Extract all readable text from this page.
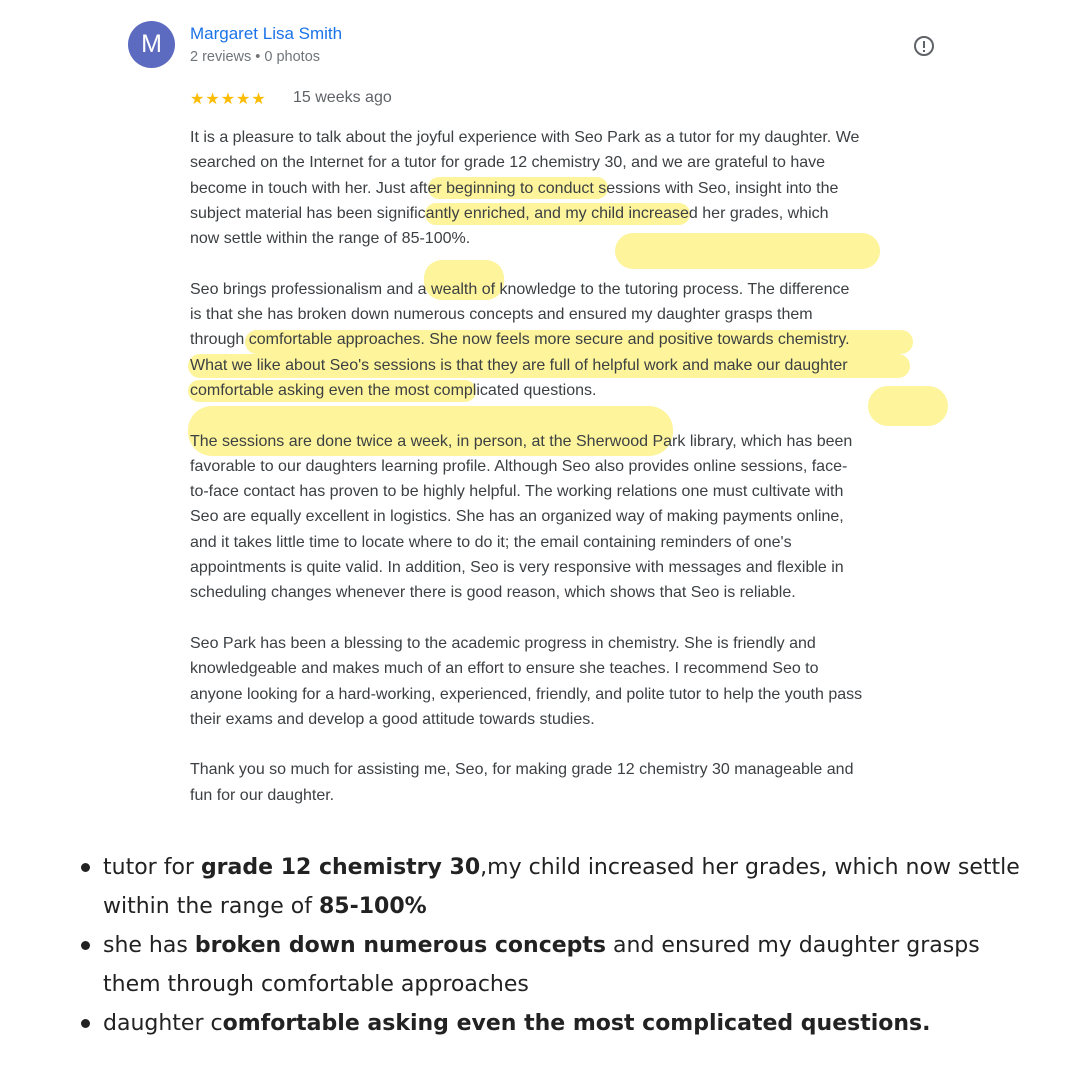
M	Margaret Lisa Smith
2 reviews • 0 photos
★★★★★ 15 weeks ago

It is a pleasure to talk about the joyful experience with Seo Park as a tutor for my daughter. We
searched on the Internet for a tutor for grade 12 chemistry 30, and we are grateful to have
become in touch with her. Just after beginning to conduct sessions with Seo, insight into the
subject material has been significantly enriched, and my child increased her grades, which
now settle within the range of 85-100%.

Seo brings professionalism and a wealth of knowledge to the tutoring process. The difference
is that she has broken down numerous concepts and ensured my daughter grasps them
through comfortable approaches. She now feels more secure and positive towards chemistry.
What we like about Seo's sessions is that they are full of helpful work and make our daughter
comfortable asking even the most complicated questions.

The sessions are done twice a week, in person, at the Sherwood Park library, which has been
favorable to our daughters learning profile. Although Seo also provides online sessions, face-
to-face contact has proven to be highly helpful. The working relations one must cultivate with
Seo are equally excellent in logistics. She has an organized way of making payments online,
and it takes little time to locate where to do it; the email containing reminders of one's
appointments is quite valid. In addition, Seo is very responsive with messages and flexible in
scheduling changes whenever there is good reason, which shows that Seo is reliable.

Seo Park has been a blessing to the academic progress in chemistry. She is friendly and
knowledgeable and makes much of an effort to ensure she teaches. I recommend Seo to
anyone looking for a hard-working, experienced, friendly, and polite tutor to help the youth pass
their exams and develop a good attitude towards studies.

Thank you so much for assisting me, Seo, for making grade 12 chemistry 30 manageable and
fun for our daughter.

tutor for grade 12 chemistry 30,my child increased her grades, which now settle
within the range of 85-100%
she has broken down numerous concepts and ensured my daughter grasps
them through comfortable approaches
daughter comfortable asking even the most complicated questions.
